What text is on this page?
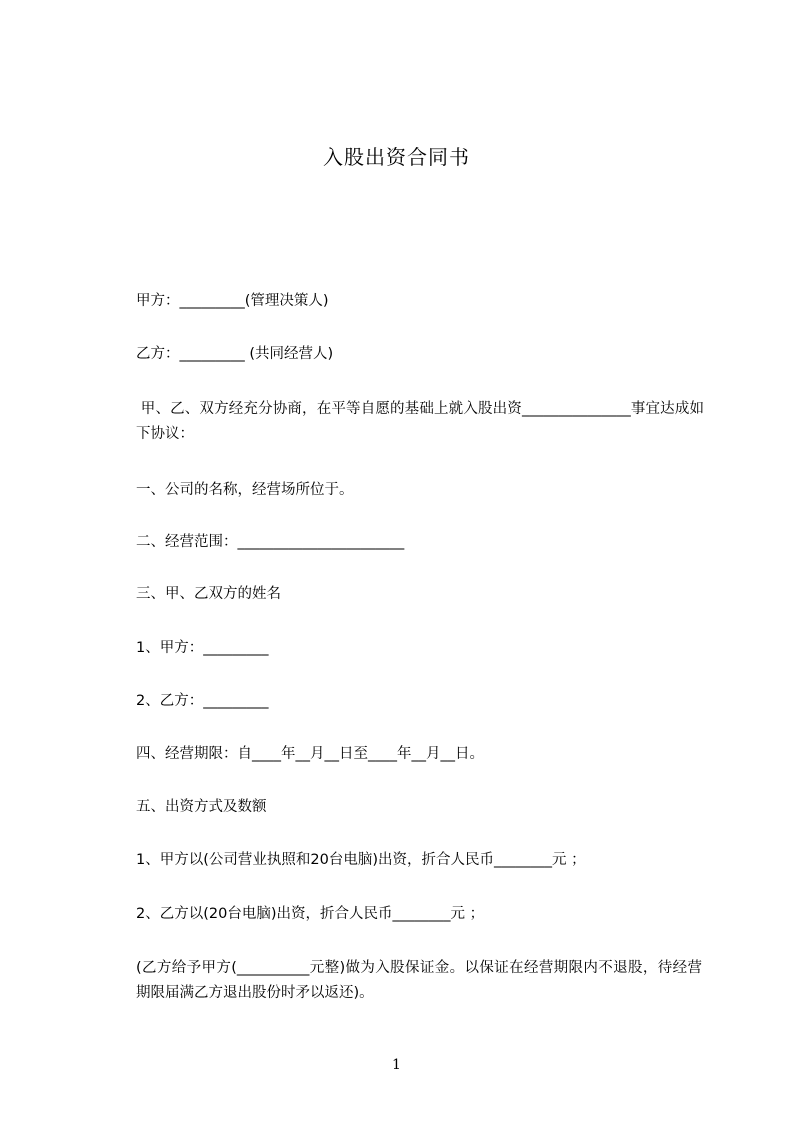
入股出资合同书
甲方：_________(管理决策人)
乙方：_________ (共同经营人)
甲、乙、双方经充分协商，在平等自愿的基础上就入股出资_______________事宜达成如下协议：
一、公司的名称，经营场所位于。
二、经营范围：_______________________
三、甲、乙双方的姓名
1、甲方：_________
2、乙方：_________
四、经营期限：自____年__月__日至____年__月__日。
五、出资方式及数额
1、甲方以(公司营业执照和20台电脑)出资，折合人民币________元 ；
2、乙方以(20台电脑)出资，折合人民币________元 ；
(乙方给予甲方(__________元整)做为入股保证金。以保证在经营期限内不退股，待经营期限届满乙方退出股份时矛以返还)。
1
